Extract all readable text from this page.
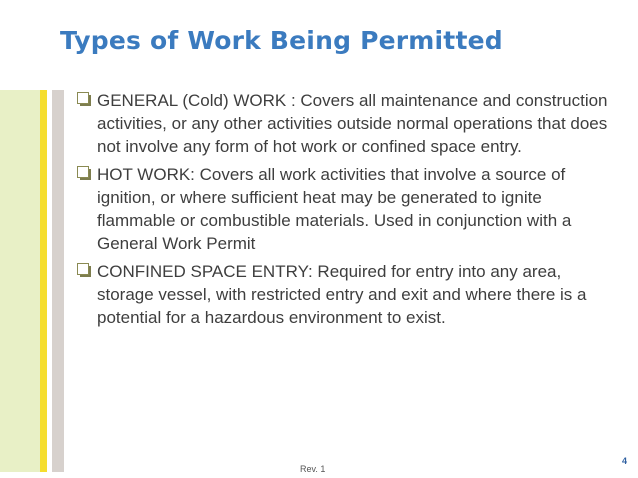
Types of Work Being Permitted
GENERAL (Cold) WORK : Covers all maintenance and construction activities, or any other activities outside normal operations that does not involve any form of hot work or confined space entry.
HOT WORK: Covers all work activities that involve a source of ignition, or where sufficient heat may be generated to ignite flammable or combustible materials. Used in conjunction with a General Work Permit
CONFINED SPACE ENTRY: Required for entry into any area, storage vessel, with restricted entry and exit and where there is a potential for a hazardous environment to exist.
Rev. 1
4
